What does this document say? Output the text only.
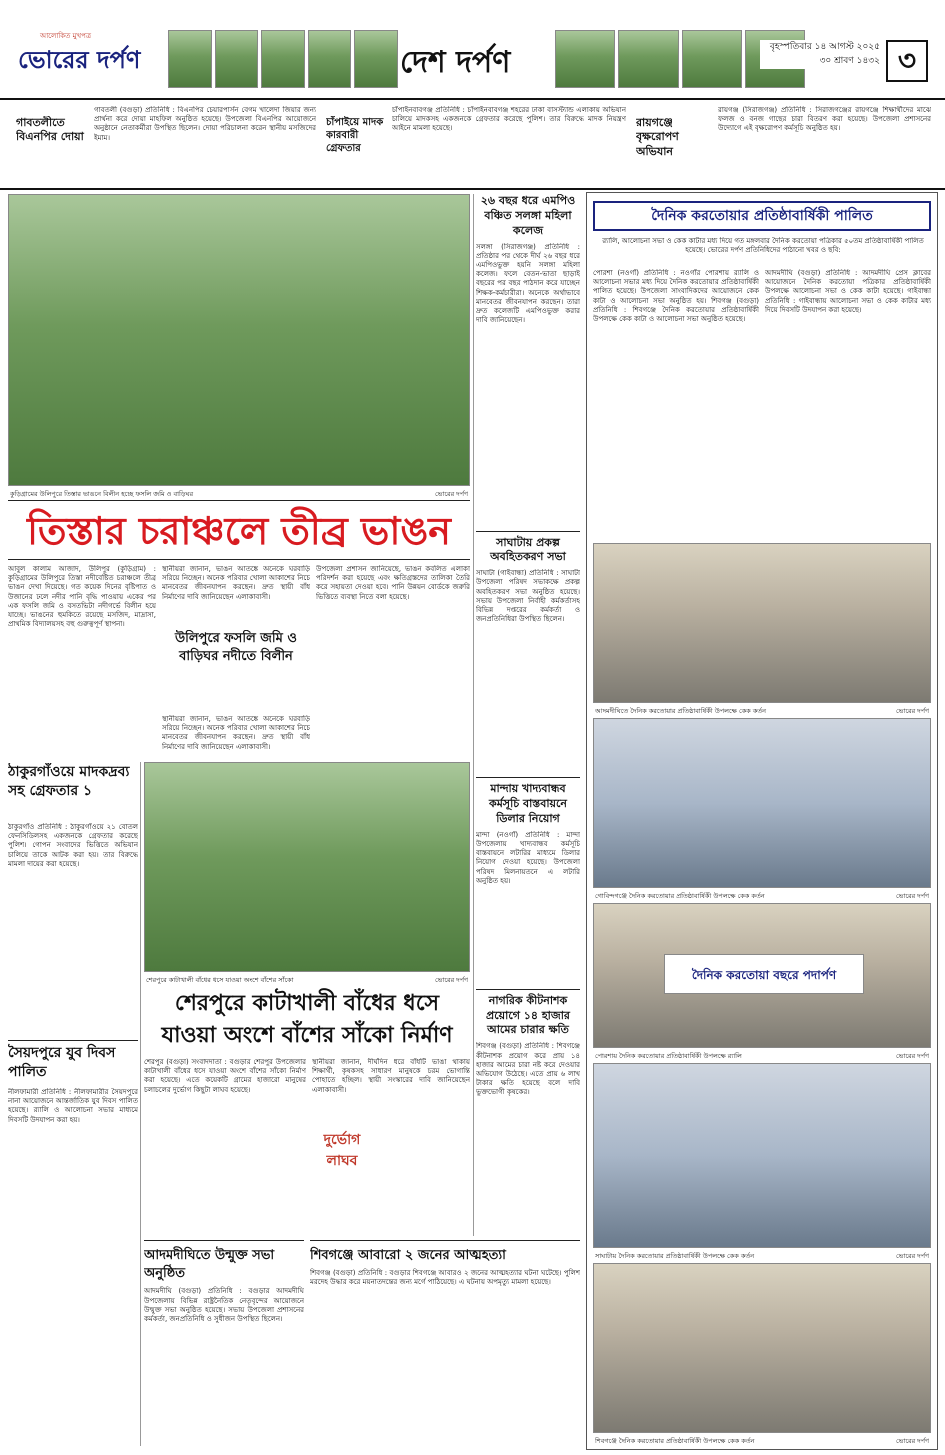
আলোকিত মুখপত্র
ভোরের দর্পণ	দেশ দর্পণ	বৃহস্পতিবার ১৪ আগস্ট ২০২৫
৩০ শ্রাবণ ১৪৩২ ৩
গাবতলীতে বিএনপির দোয়া
গাবতলী (বগুড়া) প্রতিনিধি : বিএনপির চেয়ারপার্সন বেগম খালেদা জিয়ার জন্য প্রার্থনা করে দোয়া মাহফিল অনুষ্ঠিত হয়েছে। উপজেলা বিএনপির আয়োজনে অনুষ্ঠানে নেতাকর্মীরা উপস্থিত ছিলেন। দোয়া পরিচালনা করেন স্থানীয় মসজিদের ইমাম।
চাঁপাইয়ে মাদক কারবারী গ্রেফতার
চাঁপাইনবাবগঞ্জ প্রতিনিধি : চাঁপাইনবাবগঞ্জ শহরের ঢাকা বাসস্ট্যান্ড এলাকায় অভিযান চালিয়ে মাদকসহ একজনকে গ্রেফতার করেছে পুলিশ। তার বিরুদ্ধে মাদক নিয়ন্ত্রণ আইনে মামলা হয়েছে।	রায়গঞ্জে বৃক্ষরোপণ অভিযান
রায়গঞ্জ (সিরাজগঞ্জ) প্রতিনিধি : সিরাজগঞ্জের রায়গঞ্জে শিক্ষার্থীদের মাঝে ফলজ ও বনজ গাছের চারা বিতরণ করা হয়েছে। উপজেলা প্রশাসনের উদ্যোগে এই বৃক্ষরোপণ কর্মসূচি অনুষ্ঠিত হয়।
কুড়িগ্রামের উলিপুরে তিস্তার ভাঙনে বিলীন হচ্ছে ফসলি জমি ও বাড়িঘর	ভোরের দর্পণ
তিস্তার চরাঞ্চলে তীব্র ভাঙন
আবুল কালাম আজাদ, উলিপুর (কুড়িগ্রাম) : কুড়িগ্রামের উলিপুরে তিস্তা নদীবেষ্টিত চরাঞ্চলে তীব্র ভাঙন দেখা দিয়েছে। গত কয়েক দিনের বৃষ্টিপাত ও উজানের ঢলে নদীর পানি বৃদ্ধি পাওয়ায় একের পর এক ফসলি জমি ও বসতভিটা নদীগর্ভে বিলীন হয়ে যাচ্ছে। ভাঙনের হুমকিতে রয়েছে মসজিদ, মাদ্রাসা, প্রাথমিক বিদ্যালয়সহ বহু গুরুত্বপূর্ণ স্থাপনা।
স্থানীয়রা জানান, ভাঙন আতঙ্কে অনেকে ঘরবাড়ি সরিয়ে নিচ্ছেন। অনেক পরিবার খোলা আকাশের নিচে মানবেতর জীবনযাপন করছেন। দ্রুত স্থায়ী বাঁধ নির্মাণের দাবি জানিয়েছেন এলাকাবাসী।
উলিপুরে ফসলি জমি ও বাড়িঘর নদীতে বিলীন
উপজেলা প্রশাসন জানিয়েছে, ভাঙন কবলিত এলাকা পরিদর্শন করা হয়েছে এবং ক্ষতিগ্রস্তদের তালিকা তৈরি করে সহায়তা দেওয়া হবে। পানি উন্নয়ন বোর্ডকে জরুরি ভিত্তিতে ব্যবস্থা নিতে বলা হয়েছে।
স্থানীয়রা জানান, ভাঙন আতঙ্কে অনেকে ঘরবাড়ি সরিয়ে নিচ্ছেন। অনেক পরিবার খোলা আকাশের নিচে মানবেতর জীবনযাপন করছেন। দ্রুত স্থায়ী বাঁধ নির্মাণের দাবি জানিয়েছেন এলাকাবাসী।
ঠাকুরগাঁওয়ে মাদকদ্রব্য সহ গ্রেফতার ১
ঠাকুরগাঁও প্রতিনিধি : ঠাকুরগাঁওয়ে ২১ বোতল ফেনসিডিলসহ একজনকে গ্রেফতার করেছে পুলিশ। গোপন সংবাদের ভিত্তিতে অভিযান চালিয়ে তাকে আটক করা হয়। তার বিরুদ্ধে মামলা দায়ের করা হয়েছে।
সৈয়দপুরে যুব দিবস পালিত
নীলফামারী প্রতিনিধি : নীলফামারীর সৈয়দপুরে নানা আয়োজনে আন্তর্জাতিক যুব দিবস পালিত হয়েছে। র‍্যালি ও আলোচনা সভার মাধ্যমে দিবসটি উদযাপন করা হয়।
শেরপুরে কাটাখালী বাঁধের ধসে যাওয়া অংশে বাঁশের সাঁকো	ভোরের দর্পণ
শেরপুরে কাটাখালী বাঁধের ধসে যাওয়া অংশে বাঁশের সাঁকো নির্মাণ
শেরপুর (বগুড়া) সংবাদদাতা : বগুড়ার শেরপুর উপজেলার কাটাখালী বাঁধের ধসে যাওয়া অংশে বাঁশের সাঁকো নির্মাণ করা হয়েছে। এতে কয়েকটি গ্রামের হাজারো মানুষের চলাচলের দুর্ভোগ কিছুটা লাঘব হয়েছে।
দুর্ভোগ লাঘব
স্থানীয়রা জানান, দীর্ঘদিন ধরে বাঁধটি ভাঙা থাকায় শিক্ষার্থী, কৃষকসহ সাধারণ মানুষকে চরম ভোগান্তি পোহাতে হচ্ছিল। স্থায়ী সংস্কারের দাবি জানিয়েছেন এলাকাবাসী।
আদমদীঘিতে উন্মুক্ত সভা অনুষ্ঠিত
আদমদীঘি (বগুড়া) প্রতিনিধি : বগুড়ার আদমদীঘি উপজেলায় বিভিন্ন রাষ্ট্রনৈতিক নেতৃবৃন্দের আয়োজনে উন্মুক্ত সভা অনুষ্ঠিত হয়েছে। সভায় উপজেলা প্রশাসনের কর্মকর্তা, জনপ্রতিনিধি ও সুধীজন উপস্থিত ছিলেন।
শিবগঞ্জে আবারো ২ জনের আত্মহত্যা
শিবগঞ্জ (বগুড়া) প্রতিনিধি : বগুড়ার শিবগঞ্জে আবারও ২ জনের আত্মহত্যার ঘটনা ঘটেছে। পুলিশ মরদেহ উদ্ধার করে ময়নাতদন্তের জন্য মর্গে পাঠিয়েছে। এ ঘটনায় অপমৃত্যু মামলা হয়েছে।
২৬ বছর ধরে এমপিও বঞ্চিত সলঙ্গা মহিলা কলেজ
সলঙ্গা (সিরাজগঞ্জ) প্রতিনিধি : প্রতিষ্ঠার পর থেকে দীর্ঘ ২৬ বছর ধরে এমপিওভুক্ত হয়নি সলঙ্গা মহিলা কলেজ। ফলে বেতন-ভাতা ছাড়াই বছরের পর বছর পাঠদান করে যাচ্ছেন শিক্ষক-কর্মচারীরা। অনেকে অর্থাভাবে মানবেতর জীবনযাপন করছেন। তারা দ্রুত কলেজটি এমপিওভুক্ত করার দাবি জানিয়েছেন।
সাঘাটায় প্রকল্প অবহিতকরণ সভা
সাঘাটা (গাইবান্ধা) প্রতিনিধি : সাঘাটা উপজেলা পরিষদ সভাকক্ষে প্রকল্প অবহিতকরণ সভা অনুষ্ঠিত হয়েছে। সভায় উপজেলা নির্বাহী কর্মকর্তাসহ বিভিন্ন দপ্তরের কর্মকর্তা ও জনপ্রতিনিধিরা উপস্থিত ছিলেন।
মান্দায় খাদ্যবান্ধব কর্মসূচি বাস্তবায়নে ডিলার নিয়োগ
মান্দা (নওগাঁ) প্রতিনিধি : মান্দা উপজেলায় খাদ্যবান্ধব কর্মসূচি বাস্তবায়নে লটারির মাধ্যমে ডিলার নিয়োগ দেওয়া হয়েছে। উপজেলা পরিষদ মিলনায়তনে এ লটারি অনুষ্ঠিত হয়।
নাগরিক কীটনাশক প্রয়োগে ১৪ হাজার আমের চারার ক্ষতি
শিবগঞ্জ (বগুড়া) প্রতিনিধি : শিবগঞ্জে কীটনাশক প্রয়োগ করে প্রায় ১৪ হাজার আমের চারা নষ্ট করে দেওয়ার অভিযোগ উঠেছে। এতে প্রায় ৬ লাখ টাকার ক্ষতি হয়েছে বলে দাবি ভুক্তভোগী কৃষকের।
দৈনিক করতোয়ার প্রতিষ্ঠাবার্ষিকী পালিত
র‍্যালি, আলোচনা সভা ও কেক কাটার মধ্য দিয়ে গত মঙ্গলবার দৈনিক করতোয়া পত্রিকার ৫০তম প্রতিষ্ঠাবার্ষিকী পালিত হয়েছে। ভোরের দর্পণ প্রতিনিধিদের পাঠানো খবর ও ছবি:
পোরশা (নওগাঁ) প্রতিনিধি : নওগাঁর পোরশায় র‍্যালি ও আলোচনা সভার মধ্য দিয়ে দৈনিক করতোয়ার প্রতিষ্ঠাবার্ষিকী পালিত হয়েছে। উপজেলা সাংবাদিকদের আয়োজনে কেক কাটা ও আলোচনা সভা অনুষ্ঠিত হয়। শিবগঞ্জ (বগুড়া) প্রতিনিধি : শিবগঞ্জে দৈনিক করতোয়ার প্রতিষ্ঠাবার্ষিকী উপলক্ষে কেক কাটা ও আলোচনা সভা অনুষ্ঠিত হয়েছে।
আদমদীঘি (বগুড়া) প্রতিনিধি : আদমদীঘি প্রেস ক্লাবের আয়োজনে দৈনিক করতোয়া পত্রিকার প্রতিষ্ঠাবার্ষিকী উপলক্ষে আলোচনা সভা ও কেক কাটা হয়েছে। গাইবান্ধা প্রতিনিধি : গাইবান্ধায় আলোচনা সভা ও কেক কাটার মধ্য দিয়ে দিবসটি উদযাপন করা হয়েছে।
আদমদীঘিতে দৈনিক করতোয়ার প্রতিষ্ঠাবার্ষিকী উপলক্ষে কেক কর্তন	ভোরের দর্পণ
গোবিন্দগঞ্জে দৈনিক করতোয়ার প্রতিষ্ঠাবার্ষিকী উপলক্ষে কেক কর্তন	ভোরের দর্পণ
দৈনিক করতোয়া বছরে পদার্পণ
পোরশায় দৈনিক করতোয়ার প্রতিষ্ঠাবার্ষিকী উপলক্ষে র‍্যালি	ভোরের দর্পণ
সাঘাটায় দৈনিক করতোয়ার প্রতিষ্ঠাবার্ষিকী উপলক্ষে কেক কর্তন	ভোরের দর্পণ
শিবগঞ্জে দৈনিক করতোয়ার প্রতিষ্ঠাবার্ষিকী উপলক্ষে কেক কর্তন	ভোরের দর্পণ
